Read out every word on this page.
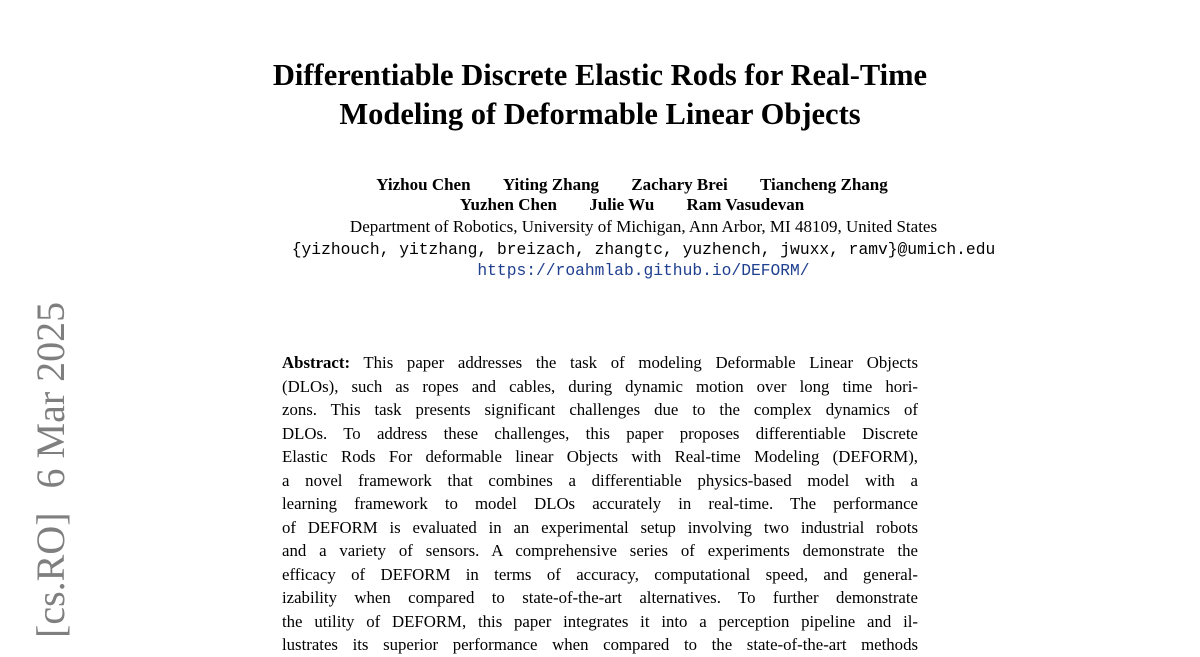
Differentiable Discrete Elastic Rods for Real-Time
Modeling of Deformable Linear Objects
Yizhou Chen Yiting Zhang Zachary Brei Tiancheng Zhang
Yuzhen Chen Julie Wu Ram Vasudevan
Department of Robotics, University of Michigan, Ann Arbor, MI 48109, United States
{yizhouch, yitzhang, breizach, zhangtc, yuzhench, jwuxx, ramv}@umich.edu
https://roahmlab.github.io/DEFORM/
[cs.RO] 6 Mar 2025	Abstract: This paper addresses the task of modeling Deformable Linear Objects
(DLOs), such as ropes and cables, during dynamic motion over long time hori-
zons. This task presents significant challenges due to the complex dynamics of
DLOs. To address these challenges, this paper proposes differentiable Discrete
Elastic Rods For deformable linear Objects with Real-time Modeling (DEFORM),
a novel framework that combines a differentiable physics-based model with a
learning framework to model DLOs accurately in real-time. The performance
of DEFORM is evaluated in an experimental setup involving two industrial robots
and a variety of sensors. A comprehensive series of experiments demonstrate the
efficacy of DEFORM in terms of accuracy, computational speed, and general-
izability when compared to state-of-the-art alternatives. To further demonstrate
the utility of DEFORM, this paper integrates it into a perception pipeline and il-
lustrates its superior performance when compared to the state-of-the-art methods
